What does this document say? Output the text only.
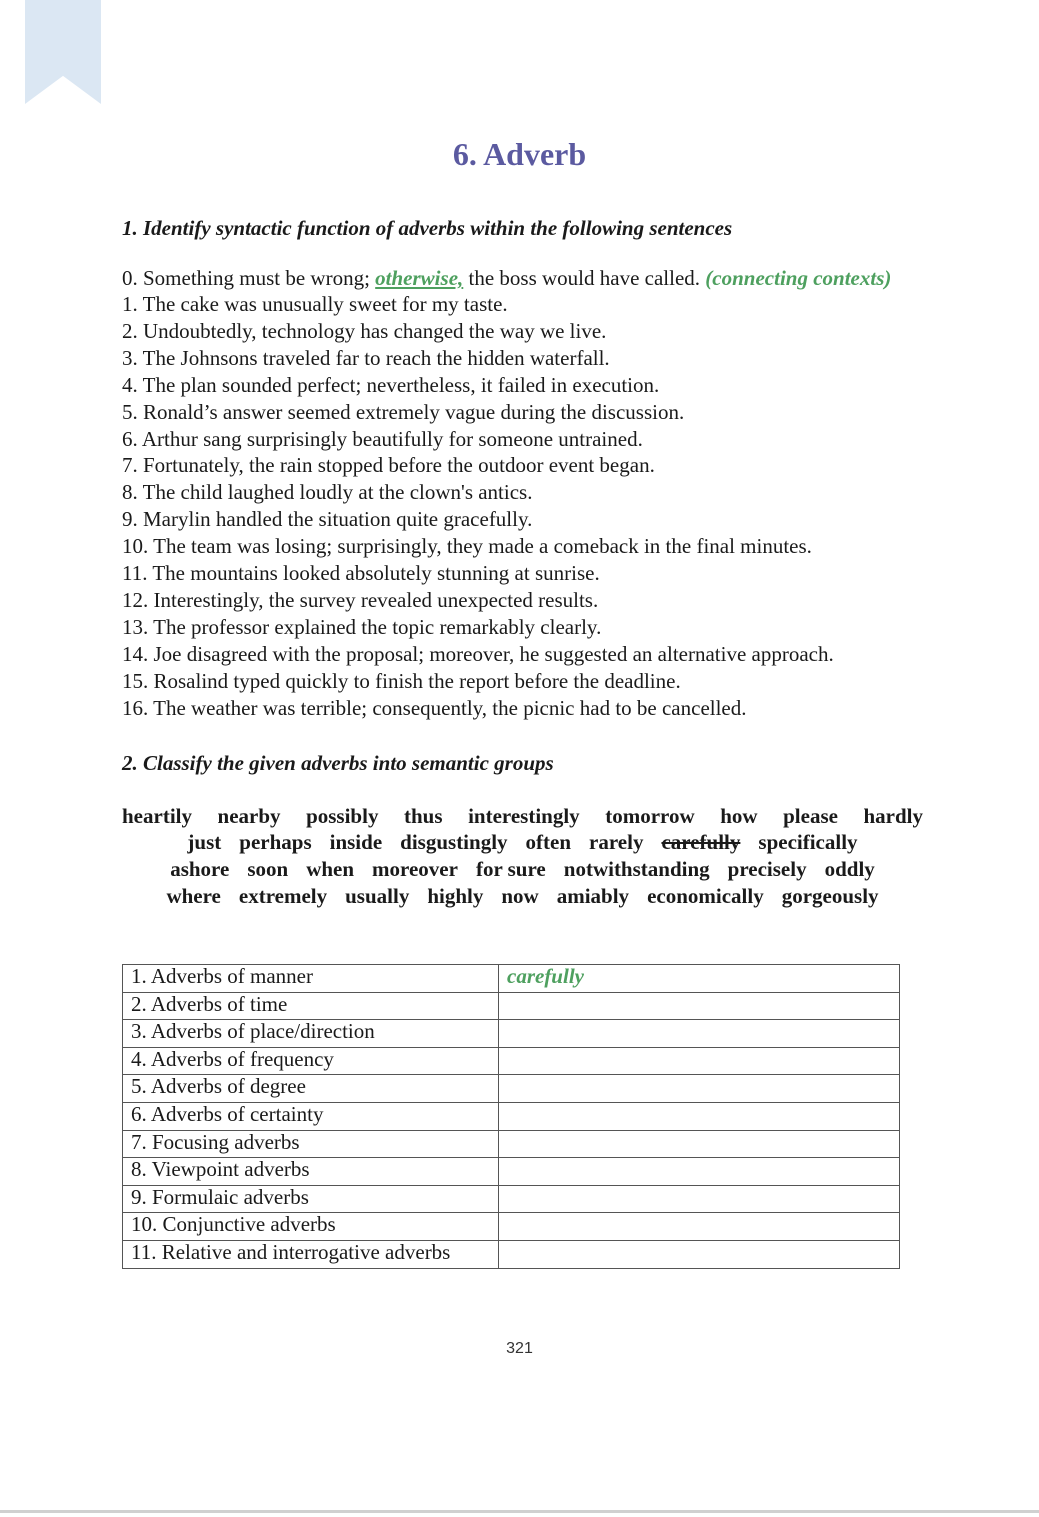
6. Adverb

1. Identify syntactic function of adverbs within the following sentences

0. Something must be wrong; otherwise, the boss would have called. (connecting contexts)
1. The cake was unusually sweet for my taste.
2. Undoubtedly, technology has changed the way we live.
3. The Johnsons traveled far to reach the hidden waterfall.
4. The plan sounded perfect; nevertheless, it failed in execution.
5. Ronald’s answer seemed extremely vague during the discussion.
6. Arthur sang surprisingly beautifully for someone untrained.
7. Fortunately, the rain stopped before the outdoor event began.
8. The child laughed loudly at the clown's antics.
9. Marylin handled the situation quite gracefully.
10. The team was losing; surprisingly, they made a comeback in the final minutes.
11. The mountains looked absolutely stunning at sunrise.
12. Interestingly, the survey revealed unexpected results.
13. The professor explained the topic remarkably clearly.
14. Joe disagreed with the proposal; moreover, he suggested an alternative approach.
15. Rosalind typed quickly to finish the report before the deadline.
16. The weather was terrible; consequently, the picnic had to be cancelled.

2. Classify the given adverbs into semantic groups

heartily nearby possibly thus interestingly tomorrow how please hardly
just perhaps inside disgustingly often rarely carefully specifically
ashore soon when moreover for sure notwithstanding precisely oddly
where extremely usually highly now amiably economically gorgeously
1. Adverbs of manner	carefully
2. Adverbs of time	
3. Adverbs of place/direction	
4. Adverbs of frequency	
5. Adverbs of degree	
6. Adverbs of certainty	
7. Focusing adverbs	
8. Viewpoint adverbs	
9. Formulaic adverbs	
10. Conjunctive adverbs	
11. Relative and interrogative adverbs	
321
